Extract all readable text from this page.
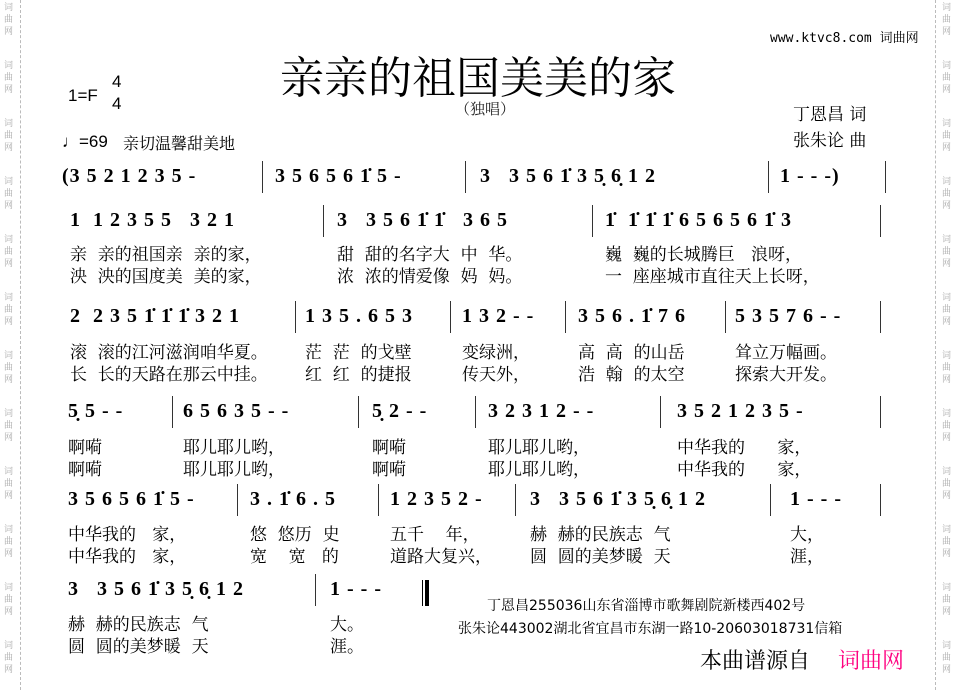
词曲网
词曲网
词曲网
词曲网
词曲网
词曲网
词曲网
词曲网
词曲网
词曲网
词曲网
词曲网
词曲网
词曲网
词曲网
词曲网
词曲网
词曲网
词曲网
词曲网
词曲网
词曲网
词曲网
词曲网
www.ktvc8.com 词曲网
亲亲的祖国美美的家
（独唱）
1=F
4
4
♩=69 亲切温馨甜美地
丁恩昌 词
张朱论 曲
(3 5 2 1 2 3 5 -	3 5 6 5 6 1̇ 5 -	3   3 5 6 1̇ 3 5̣ 6̣ 1 2	1 - - -)
1  1 2 3 5 5   3 2 1
亲  亲的祖国亲  亲的家，
泱  泱的国度美  美的家，
3   3 5 6 1̇ 1̇   3 6 5
甜  甜的名字大  中  华。
浓  浓的情爱像  妈  妈。
1̇  1̇ 1̇ 1̇ 6 5 6 5 6 1̇ 3
巍  巍的长城腾巨   浪呀，
一  座座城市直往天上长呀，
2  2 3 5 1̇ 1̇ 1̇ 3 2 1
滚  滚的江河滋润咱华夏。
长  长的天路在那云中挂。
1 3 5 . 6 5 3
茫  茫  的戈壁
红  红  的捷报
1 3 2 - -
变绿洲，
传天外，
3 5 6 . 1̇ 7 6
高  高  的山岳
浩  翰  的太空
5 3 5 7 6 - -
耸立万幅画。
探索大开发。
5̣ 5 - -
啊嗬
啊嗬
6 5 6 3 5 - -
耶儿耶儿哟，
耶儿耶儿哟，
5̣ 2 - -
啊嗬
啊嗬
3 2 3 1 2 - -
耶儿耶儿哟，
耶儿耶儿哟，
3 5 2 1 2 3 5 -
中华我的      家，
中华我的      家，
3 5 6 5 6 1̇ 5 -
中华我的   家，
中华我的   家，
3 . 1̇ 6 . 5
悠  悠历  史
宽    宽   的
1 2 3 5 2 -
五千    年，
道路大复兴，
3   3 5 6 1̇ 3 5̣ 6̣ 1 2
赫  赫的民族志  气
圆  圆的美梦暖  天
1 - - -
大，
涯，
3   3 5 6 1̇ 3 5̣ 6̣ 1 2
赫  赫的民族志  气
圆  圆的美梦暖  天
1 - - -
大。
涯。
丁恩昌255036山东省淄博市歌舞剧院新楼西402号
张朱论443002湖北省宜昌市东湖一路10-20603018731信箱
本曲谱源自 词曲网
